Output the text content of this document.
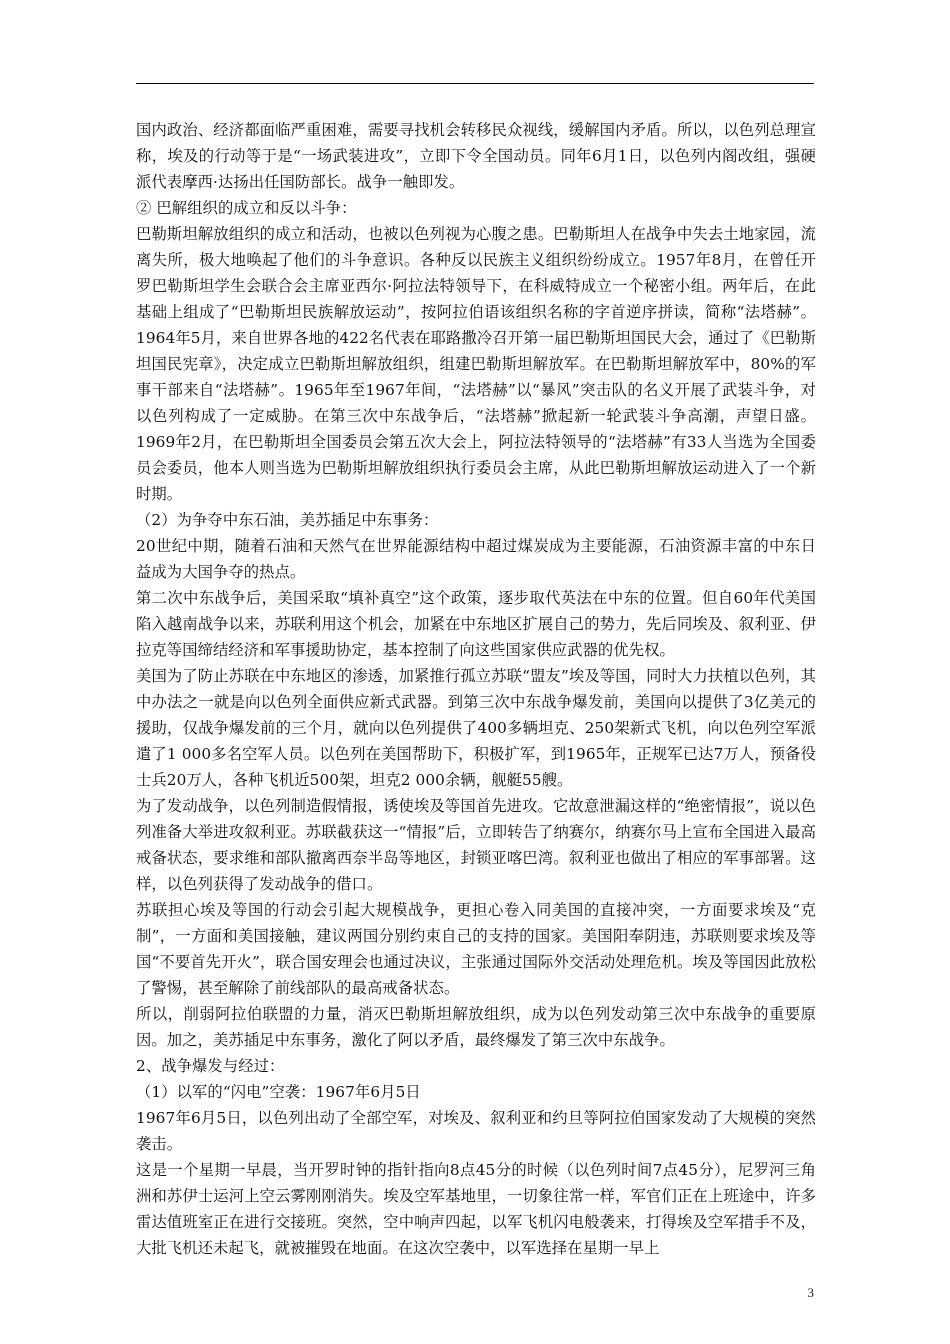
国内政治、经济都面临严重困难，需要寻找机会转移民众视线，缓解国内矛盾。所以，以色列总理宣称，埃及的行动等于是“一场武装进攻”，立即下令全国动员。同年6月1日，以色列内阁改组，强硬派代表摩西·达扬出任国防部长。战争一触即发。

② 巴解组织的成立和反以斗争：

巴勒斯坦解放组织的成立和活动，也被以色列视为心腹之患。巴勒斯坦人在战争中失去土地家园，流离失所，极大地唤起了他们的斗争意识。各种反以民族主义组织纷纷成立。1957年8月，在曾任开罗巴勒斯坦学生会联合会主席亚西尔·阿拉法特领导下，在科威特成立一个秘密小组。两年后，在此基础上组成了“巴勒斯坦民族解放运动”，按阿拉伯语该组织名称的字首逆序拼读，简称“法塔赫”。1964年5月，来自世界各地的422名代表在耶路撒冷召开第一届巴勒斯坦国民大会，通过了《巴勒斯坦国民宪章》，决定成立巴勒斯坦解放组织，组建巴勒斯坦解放军。在巴勒斯坦解放军中，80%的军事干部来自“法塔赫”。1965年至1967年间，“法塔赫”以“暴风”突击队的名义开展了武装斗争，对以色列构成了一定威胁。在第三次中东战争后，“法塔赫”掀起新一轮武装斗争高潮，声望日盛。1969年2月，在巴勒斯坦全国委员会第五次大会上，阿拉法特领导的“法塔赫”有33人当选为全国委员会委员，他本人则当选为巴勒斯坦解放组织执行委员会主席，从此巴勒斯坦解放运动进入了一个新时期。

（2）为争夺中东石油，美苏插足中东事务：

20世纪中期，随着石油和天然气在世界能源结构中超过煤炭成为主要能源，石油资源丰富的中东日益成为大国争夺的热点。

第二次中东战争后，美国采取“填补真空”这个政策，逐步取代英法在中东的位置。但自60年代美国陷入越南战争以来，苏联利用这个机会，加紧在中东地区扩展自己的势力，先后同埃及、叙利亚、伊拉克等国缔结经济和军事援助协定，基本控制了向这些国家供应武器的优先权。

美国为了防止苏联在中东地区的渗透，加紧推行孤立苏联“盟友”埃及等国，同时大力扶植以色列，其中办法之一就是向以色列全面供应新式武器。到第三次中东战争爆发前，美国向以提供了3亿美元的援助，仅战争爆发前的三个月，就向以色列提供了400多辆坦克、250架新式飞机，向以色列空军派遣了1 000多名空军人员。以色列在美国帮助下，积极扩军，到1965年，正规军已达7万人，预备役士兵20万人，各种飞机近500架，坦克2 000余辆，舰艇55艘。

为了发动战争，以色列制造假情报，诱使埃及等国首先进攻。它故意泄漏这样的“绝密情报”，说以色列准备大举进攻叙利亚。苏联截获这一“情报”后，立即转告了纳赛尔，纳赛尔马上宣布全国进入最高戒备状态，要求维和部队撤离西奈半岛等地区，封锁亚喀巴湾。叙利亚也做出了相应的军事部署。这样，以色列获得了发动战争的借口。

苏联担心埃及等国的行动会引起大规模战争，更担心卷入同美国的直接冲突，一方面要求埃及“克制”，一方面和美国接触，建议两国分别约束自己的支持的国家。美国阳奉阴违，苏联则要求埃及等国“不要首先开火”，联合国安理会也通过决议，主张通过国际外交活动处理危机。埃及等国因此放松了警惕，甚至解除了前线部队的最高戒备状态。

所以，削弱阿拉伯联盟的力量，消灭巴勒斯坦解放组织，成为以色列发动第三次中东战争的重要原因。加之，美苏插足中东事务，激化了阿以矛盾，最终爆发了第三次中东战争。

2、战争爆发与经过：

（1）以军的“闪电”空袭：1967年6月5日

1967年6月5日，以色列出动了全部空军，对埃及、叙利亚和约旦等阿拉伯国家发动了大规模的突然袭击。

这是一个星期一早晨，当开罗时钟的指针指向8点45分的时候（以色列时间7点45分），尼罗河三角洲和苏伊士运河上空云雾刚刚消失。埃及空军基地里，一切象往常一样，军官们正在上班途中，许多雷达值班室正在进行交接班。突然，空中响声四起，以军飞机闪电般袭来，打得埃及空军措手不及，大批飞机还未起飞，就被摧毁在地面。在这次空袭中，以军选择在星期一早上

3
